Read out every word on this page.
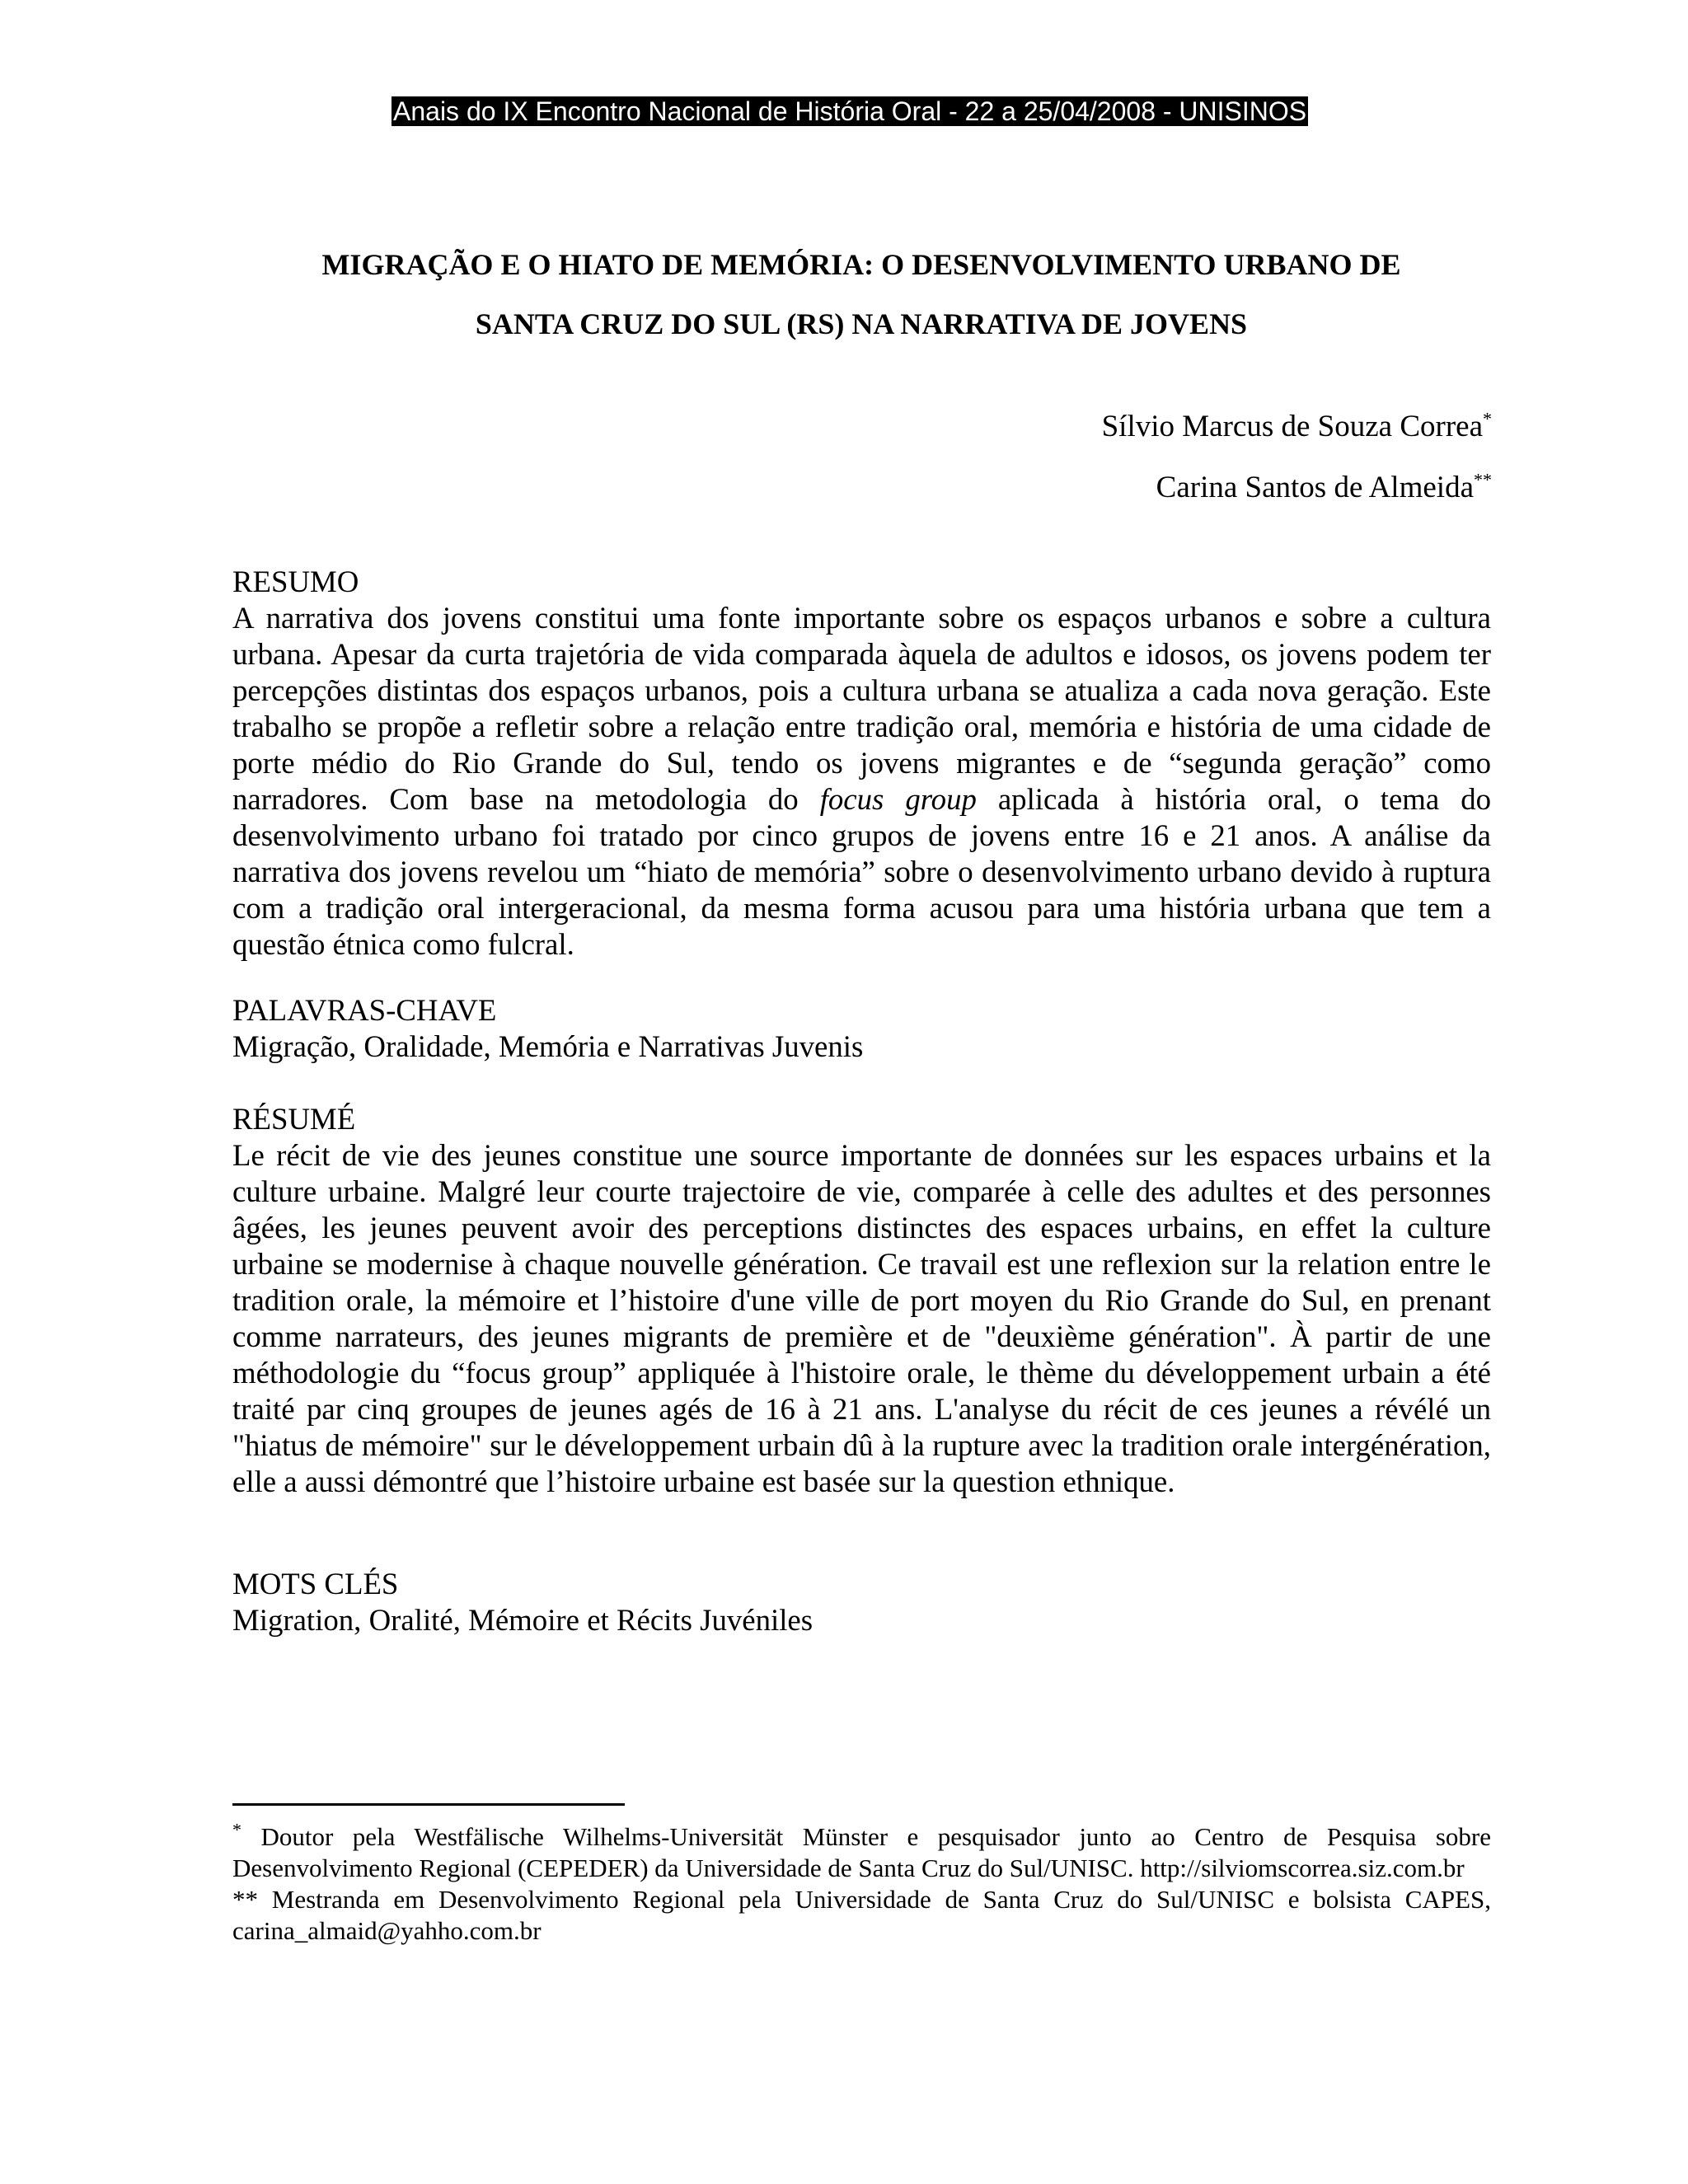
Anais do IX Encontro Nacional de História Oral - 22 a 25/04/2008 - UNISINOS
MIGRAÇÃO E O HIATO DE MEMÓRIA: O DESENVOLVIMENTO URBANO DE
SANTA CRUZ DO SUL (RS) NA NARRATIVA DE JOVENS
Sílvio Marcus de Souza Correa*
Carina Santos de Almeida**
RESUMO

A narrativa dos jovens constitui uma fonte importante sobre os espaços urbanos e sobre a cultura urbana. Apesar da curta trajetória de vida comparada àquela de adultos e idosos, os jovens podem ter percepções distintas dos espaços urbanos, pois a cultura urbana se atualiza a cada nova geração. Este trabalho se propõe a refletir sobre a relação entre tradição oral, memória e história de uma cidade de porte médio do Rio Grande do Sul, tendo os jovens migrantes e de “segunda geração” como narradores. Com base na metodologia do focus group aplicada à história oral, o tema do desenvolvimento urbano foi tratado por cinco grupos de jovens entre 16 e 21 anos. A análise da narrativa dos jovens revelou um “hiato de memória” sobre o desenvolvimento urbano devido à ruptura com a tradição oral intergeracional, da mesma forma acusou para uma história urbana que tem a questão étnica como fulcral.

PALAVRAS-CHAVE
Migração, Oralidade, Memória e Narrativas Juvenis
RÉSUMÉ

Le récit de vie des jeunes constitue une source importante de données sur les espaces urbains et la culture urbaine. Malgré leur courte trajectoire de vie, comparée à celle des adultes et des personnes âgées, les jeunes peuvent avoir des perceptions distinctes des espaces urbains, en effet la culture urbaine se modernise à chaque nouvelle génération. Ce travail est une reflexion sur la relation entre le tradition orale, la mémoire et l’histoire d'une ville de port moyen du Rio Grande do Sul, en prenant comme narrateurs, des jeunes migrants de première et de "deuxième génération". À partir de une méthodologie du “focus group” appliquée à l'histoire orale, le thème du développement urbain a été traité par cinq groupes de jeunes agés de 16 à 21 ans. L'analyse du récit de ces jeunes a révélé un "hiatus de mémoire" sur le développement urbain dû à la rupture avec la tradition orale intergénération, elle a aussi démontré que l’histoire urbaine est basée sur la question ethnique.

MOTS CLÉS
Migration, Oralité, Mémoire et Récits Juvéniles

* Doutor pela Westfälische Wilhelms-Universität Münster e pesquisador junto ao Centro de Pesquisa sobre Desenvolvimento Regional (CEPEDER) da Universidade de Santa Cruz do Sul/UNISC. http://silviomscorrea.siz.com.br

** Mestranda em Desenvolvimento Regional pela Universidade de Santa Cruz do Sul/UNISC e bolsista CAPES, carina_almaid@yahho.com.br
